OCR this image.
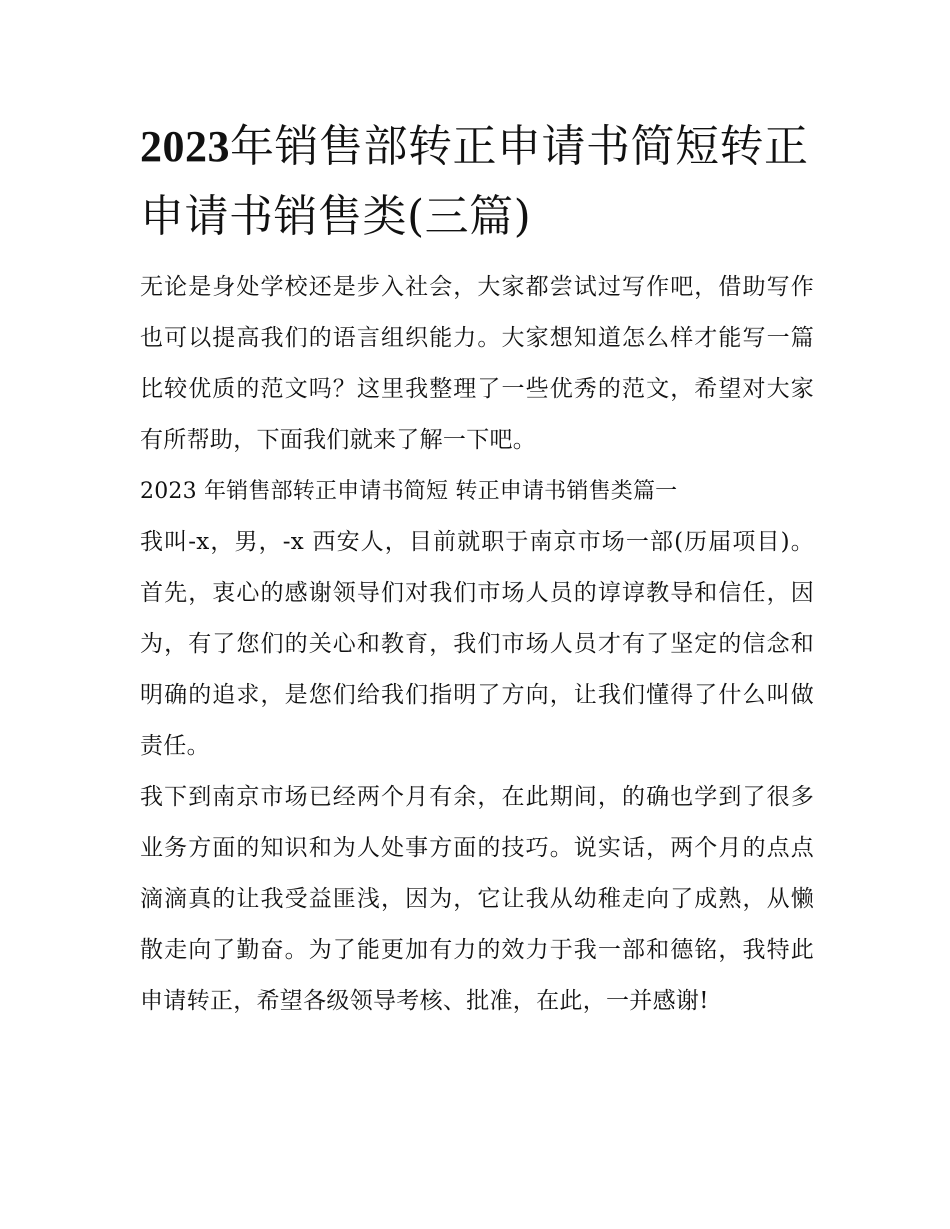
2023年销售部转正申请书简短转正申请书销售类(三篇)

无论是身处学校还是步入社会，大家都尝试过写作吧，借助写作也可以提高我们的语言组织能力。大家想知道怎么样才能写一篇比较优质的范文吗？这里我整理了一些优秀的范文，希望对大家有所帮助，下面我们就来了解一下吧。

2023 年销售部转正申请书简短 转正申请书销售类篇一

我叫-x，男，-x 西安人，目前就职于南京市场一部(历届项目)。首先，衷心的感谢领导们对我们市场人员的谆谆教导和信任，因为，有了您们的关心和教育，我们市场人员才有了坚定的信念和明确的追求，是您们给我们指明了方向，让我们懂得了什么叫做责任。

我下到南京市场已经两个月有余，在此期间，的确也学到了很多业务方面的知识和为人处事方面的技巧。说实话，两个月的点点滴滴真的让我受益匪浅，因为，它让我从幼稚走向了成熟，从懒散走向了勤奋。为了能更加有力的效力于我一部和德铭，我特此申请转正，希望各级领导考核、批准，在此，一并感谢!
